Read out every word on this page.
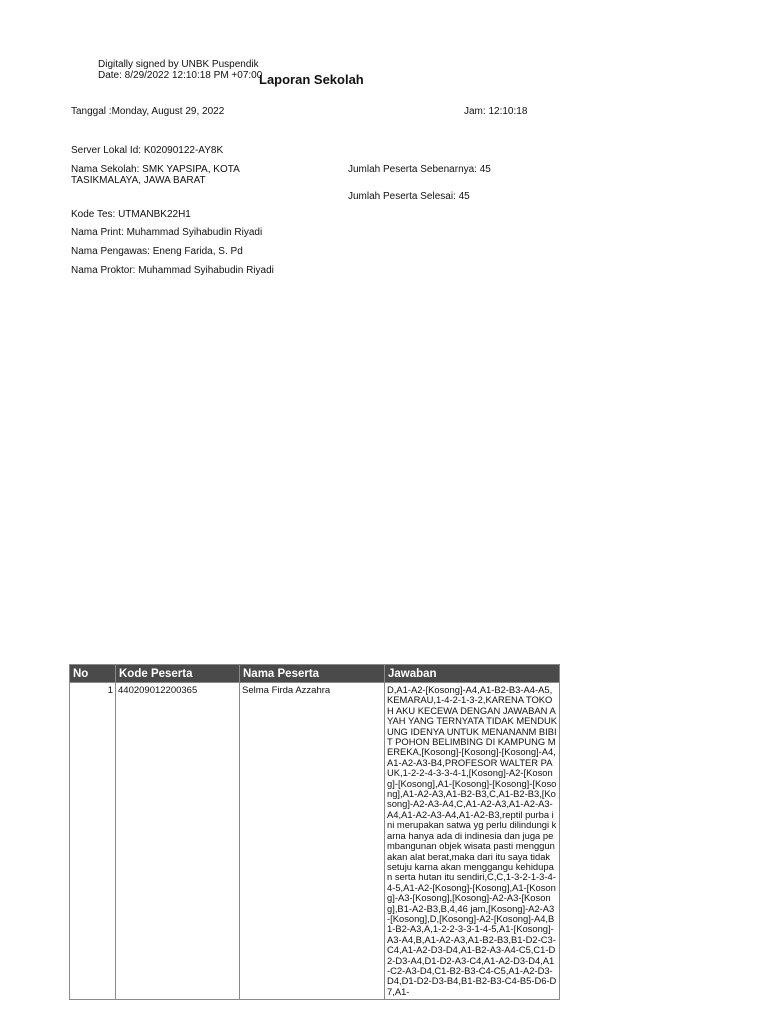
Digitally signed by UNBK Puspendik
Date: 8/29/2022 12:10:18 PM +07:00
Laporan Sekolah
Tanggal :Monday, August 29, 2022	Jam: 12:10:18
Server Lokal Id: K02090122-AY8K
Nama Sekolah: SMK YAPSIPA, KOTA TASIKMALAYA, JAWA BARAT
Jumlah Peserta Sebenarnya: 45
Jumlah Peserta Selesai: 45
Kode Tes: UTMANBK22H1
Nama Print: Muhammad Syihabudin Riyadi
Nama Pengawas: Eneng Farida, S. Pd
Nama Proktor: Muhammad Syihabudin Riyadi
No	Kode Peserta	Nama Peserta	Jawaban
1	440209012200365	Selma Firda Azzahra	D,A1-A2-[Kosong]-A4,A1-B2-B3-A4-A5,KEMARAU,1-4-2-1-3-2,KARENA TOKOH AKU KECEWA DENGAN JAWABAN AYAH YANG TERNYATA TIDAK MENDUKUNG IDENYA UNTUK MENANANM BIBIT POHON BELIMBING DI KAMPUNG MEREKA,[Kosong]-[Kosong]-[Kosong]-A4,A1-A2-A3-B4,PROFESOR WALTER PAUK,1-2-2-4-3-3-4-1,[Kosong]-A2-[Kosong]-[Kosong],A1-[Kosong]-[Kosong]-[Kosong],A1-A2-A3,A1-B2-B3,C,A1-B2-B3,[Kosong]-A2-A3-A4,C,A1-A2-A3,A1-A2-A3-A4,A1-A2-A3-A4,A1-A2-B3,reptil purba ini merupakan satwa yg perlu dilindungi karna hanya ada di indinesia dan juga pembangunan objek wisata pasti menggunakan alat berat,maka dari itu saya tidak setuju karna akan menggangu kehidupan serta hutan itu sendiri,C,C,1-3-2-1-3-4-4-5,A1-A2-[Kosong]-[Kosong],A1-[Kosong]-A3-[Kosong],[Kosong]-A2-A3-[Kosong],B1-A2-B3,B,4,46 jam,[Kosong]-A2-A3-[Kosong],D,[Kosong]-A2-[Kosong]-A4,B1-B2-A3,A,1-2-2-3-3-1-4-5,A1-[Kosong]-A3-A4,B,A1-A2-A3,A1-B2-B3,B1-D2-C3-C4,A1-A2-D3-D4,A1-B2-A3-A4-C5,C1-D2-D3-A4,D1-D2-A3-C4,A1-A2-D3-D4,A1-C2-A3-D4,C1-B2-B3-C4-C5,A1-A2-D3-D4,D1-D2-D3-B4,B1-B2-B3-C4-B5-D6-D7,A1-
